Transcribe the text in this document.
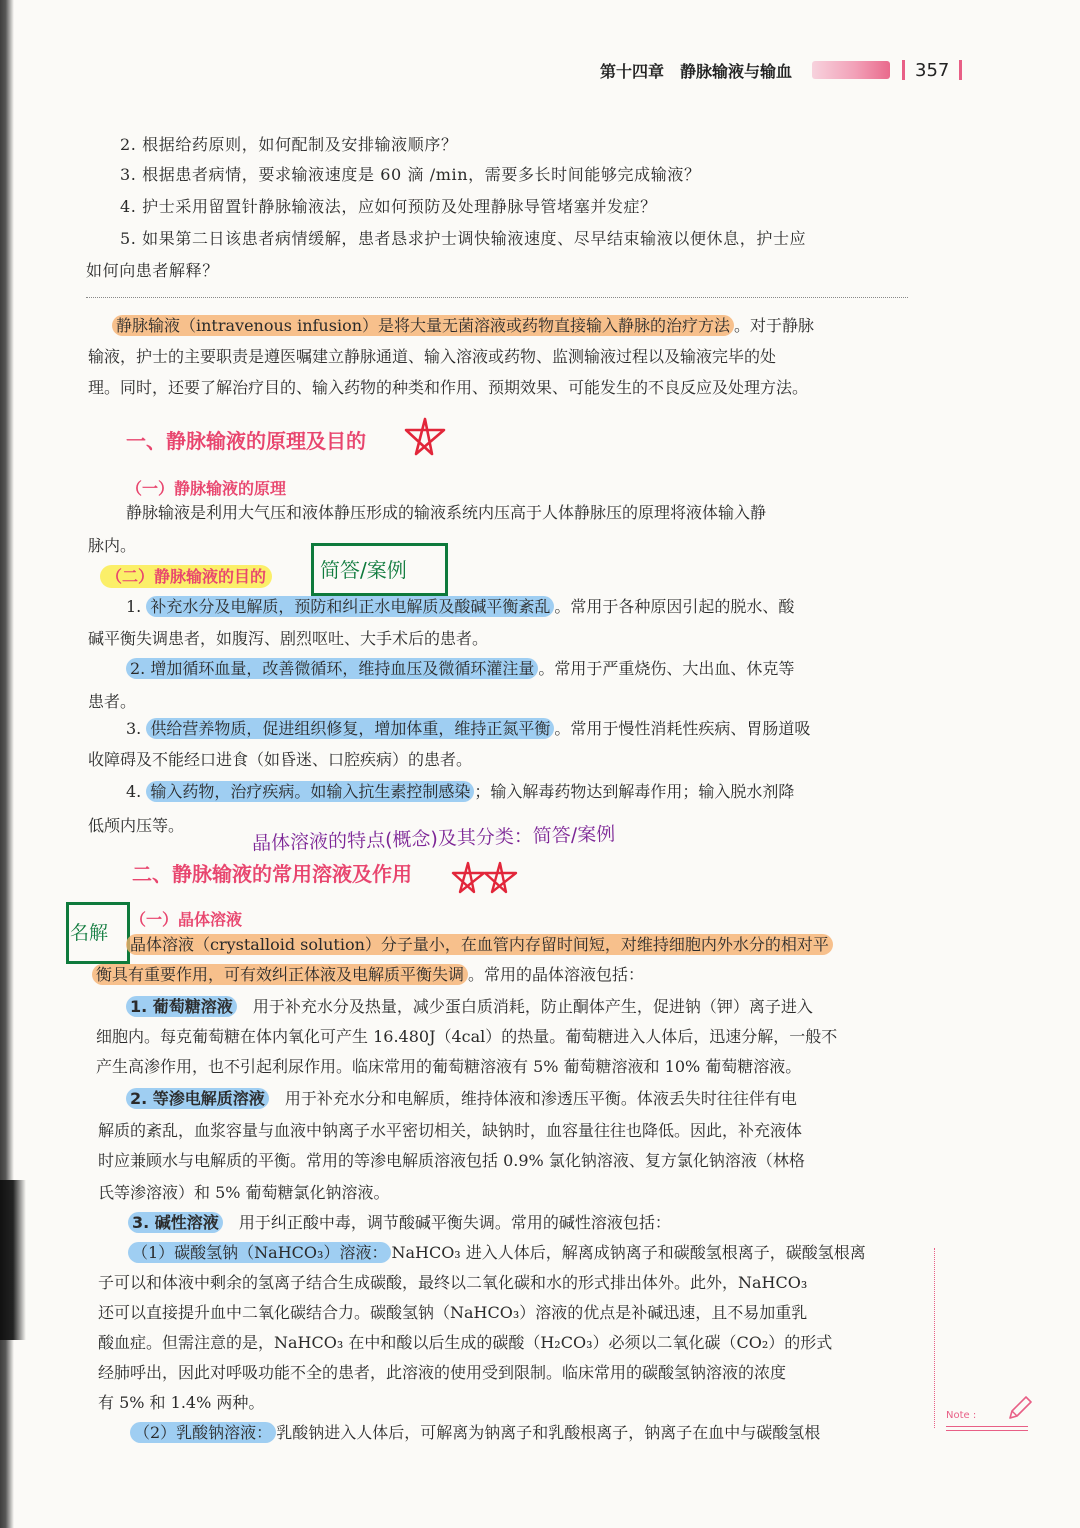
第十四章　静脉输液与输血	357
2. 根据给药原则，如何配制及安排输液顺序？
3. 根据患者病情，要求输液速度是 60 滴 /min，需要多长时间能够完成输液？
4. 护士采用留置针静脉输液法，应如何预防及处理静脉导管堵塞并发症？
5. 如果第二日该患者病情缓解，患者恳求护士调快输液速度、尽早结束输液以便休息，护士应
如何向患者解释？
静脉输液（intravenous infusion）是将大量无菌溶液或药物直接输入静脉的治疗方法 。对于静脉
输液，护士的主要职责是遵医嘱建立静脉通道、输入溶液或药物、监测输液过程以及输液完毕的处
理。同时，还要了解治疗目的、输入药物的种类和作用、预期效果、可能发生的不良反应及处理方法。
一、静脉输液的原理及目的
（一）静脉输液的原理
静脉输液是利用大气压和液体静压形成的输液系统内压高于人体静脉压的原理将液体输入静
脉内。
（二）静脉输液的目的	简答/案例
1. 补充水分及电解质，预防和纠正水电解质及酸碱平衡紊乱 。常用于各种原因引起的脱水、酸
碱平衡失调患者，如腹泻、剧烈呕吐、大手术后的患者。
2. 增加循环血量，改善微循环，维持血压及微循环灌注量 。常用于严重烧伤、大出血、休克等
患者。
3. 供给营养物质，促进组织修复，增加体重，维持正氮平衡 。常用于慢性消耗性疾病、胃肠道吸
收障碍及不能经口进食（如昏迷、口腔疾病）的患者。
4. 输入药物，治疗疾病。如输入抗生素控制感染 ；输入解毒药物达到解毒作用；输入脱水剂降
低颅内压等。	晶体溶液的特点(概念)及其分类：简答/案例
二、静脉输液的常用溶液及作用
（一）晶体溶液
名解
晶体溶液（crystalloid solution）分子量小，在血管内存留时间短，对维持细胞内外水分的相对平
衡具有重要作用，可有效纠正体液及电解质平衡失调 。常用的晶体溶液包括：
1. 葡萄糖溶液　 用于补充水分及热量，减少蛋白质消耗，防止酮体产生，促进钠（钾）离子进入
细胞内。每克葡萄糖在体内氧化可产生 16.480J（4cal）的热量。葡萄糖进入人体后，迅速分解，一般不
产生高渗作用，也不引起利尿作用。临床常用的葡萄糖溶液有 5% 葡萄糖溶液和 10% 葡萄糖溶液。
2. 等渗电解质溶液　 用于补充水分和电解质，维持体液和渗透压平衡。体液丢失时往往伴有电
解质的紊乱，血浆容量与血液中钠离子水平密切相关，缺钠时，血容量往往也降低。因此，补充液体
时应兼顾水与电解质的平衡。常用的等渗电解质溶液包括 0.9% 氯化钠溶液、复方氯化钠溶液（林格
氏等渗溶液）和 5% 葡萄糖氯化钠溶液。
3. 碱性溶液　 用于纠正酸中毒，调节酸碱平衡失调。常用的碱性溶液包括：
（1）碳酸氢钠（NaHCO₃）溶液： NaHCO₃ 进入人体后，解离成钠离子和碳酸氢根离子，碳酸氢根离
子可以和体液中剩余的氢离子结合生成碳酸，最终以二氧化碳和水的形式排出体外。此外，NaHCO₃
还可以直接提升血中二氧化碳结合力。碳酸氢钠（NaHCO₃）溶液的优点是补碱迅速，且不易加重乳
酸血症。但需注意的是，NaHCO₃ 在中和酸以后生成的碳酸（H₂CO₃）必须以二氧化碳（CO₂）的形式
经肺呼出，因此对呼吸功能不全的患者，此溶液的使用受到限制。临床常用的碳酸氢钠溶液的浓度
有 5% 和 1.4% 两种。
（2）乳酸钠溶液： 乳酸钠进入人体后，可解离为钠离子和乳酸根离子，钠离子在血中与碳酸氢根
Note :
